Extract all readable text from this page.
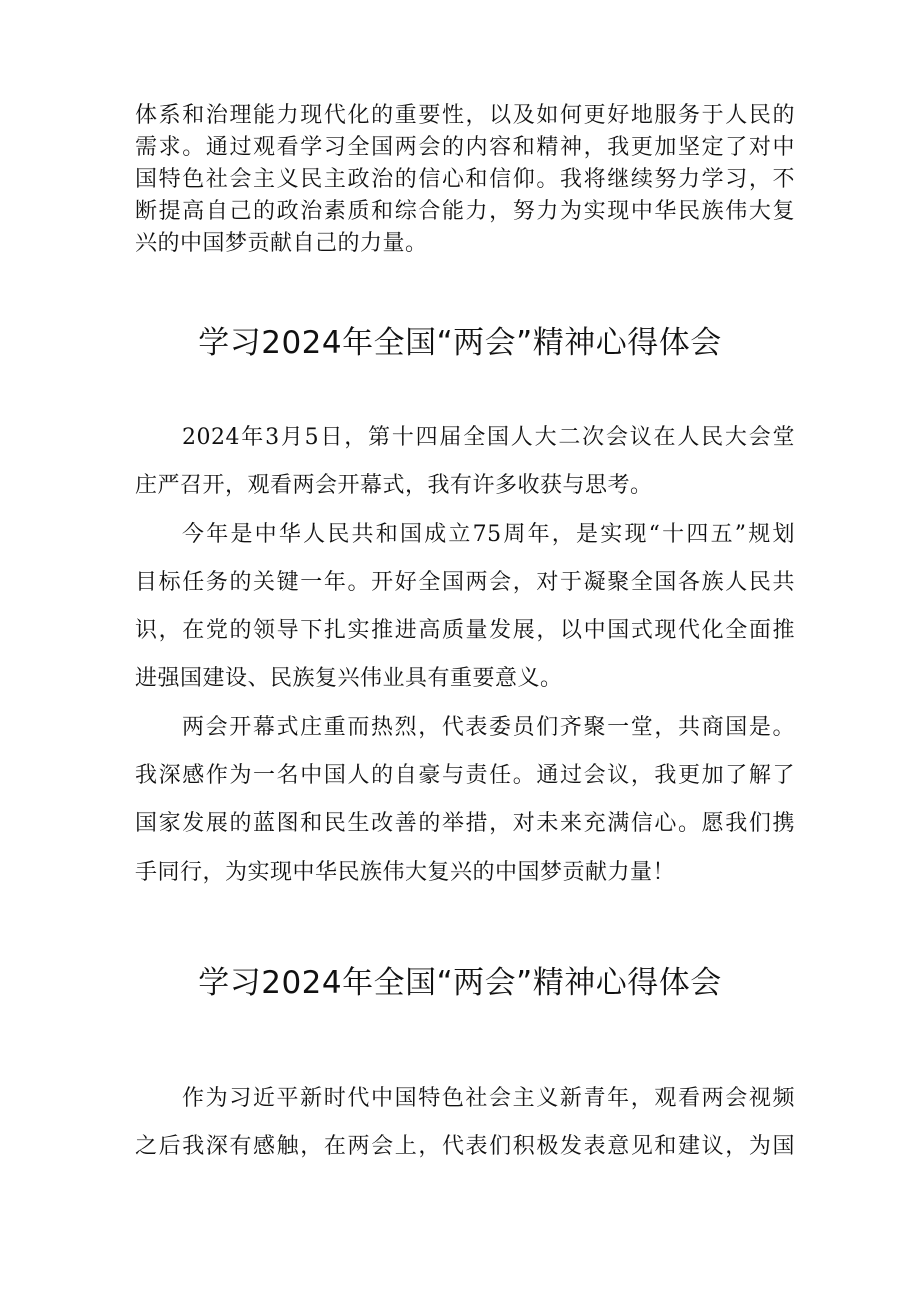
体系和治理能力现代化的重要性，以及如何更好地服务于人民的
需求。通过观看学习全国两会的内容和精神，我更加坚定了对中
国特色社会主义民主政治的信心和信仰。我将继续努力学习，不
断提高自己的政治素质和综合能力，努力为实现中华民族伟大复
兴的中国梦贡献自己的力量。
学习2024年全国“两会”精神心得体会
2024年3月5日，第十四届全国人大二次会议在人民大会堂
庄严召开，观看两会开幕式，我有许多收获与思考。
今年是中华人民共和国成立75周年，是实现“十四五”规划
目标任务的关键一年。开好全国两会，对于凝聚全国各族人民共
识，在党的领导下扎实推进高质量发展，以中国式现代化全面推
进强国建设、民族复兴伟业具有重要意义。
两会开幕式庄重而热烈，代表委员们齐聚一堂，共商国是。
我深感作为一名中国人的自豪与责任。通过会议，我更加了解了
国家发展的蓝图和民生改善的举措，对未来充满信心。愿我们携
手同行，为实现中华民族伟大复兴的中国梦贡献力量！
学习2024年全国“两会”精神心得体会
作为习近平新时代中国特色社会主义新青年，观看两会视频
之后我深有感触，在两会上，代表们积极发表意见和建议，为国
